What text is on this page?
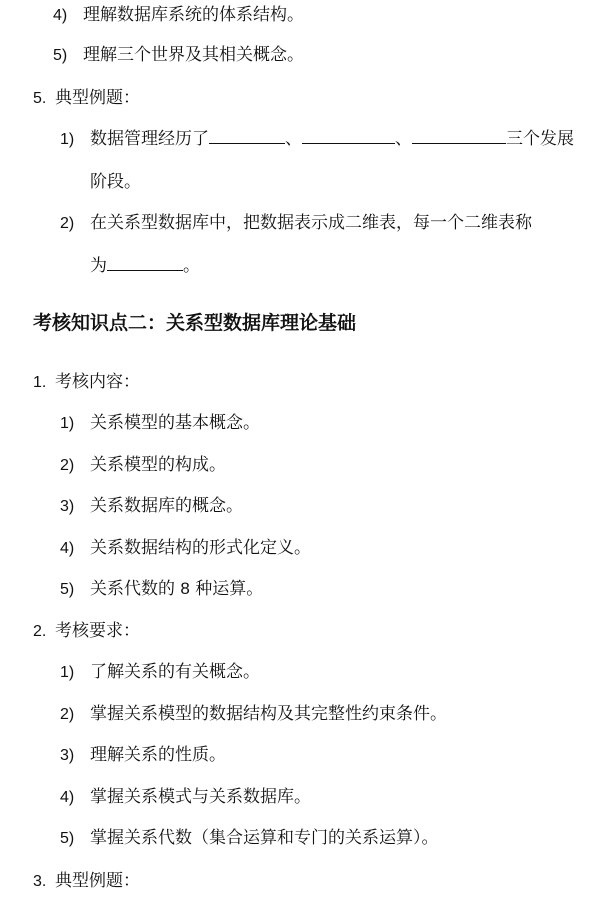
4) 理解数据库系统的体系结构。
5) 理解三个世界及其相关概念。
5. 典型例题：
1) 数据管理经历了	、	、	三个发展
阶段。
2) 在关系型数据库中，把数据表示成二维表，每一个二维表称
为	。
考核知识点二：关系型数据库理论基础
1. 考核内容：
1) 关系模型的基本概念。
2) 关系模型的构成。
3) 关系数据库的概念。
4) 关系数据结构的形式化定义。
5) 关系代数的 8 种运算。
2. 考核要求：
1) 了解关系的有关概念。
2) 掌握关系模型的数据结构及其完整性约束条件。
3) 理解关系的性质。
4) 掌握关系模式与关系数据库。
5) 掌握关系代数（集合运算和专门的关系运算）。
3. 典型例题：
